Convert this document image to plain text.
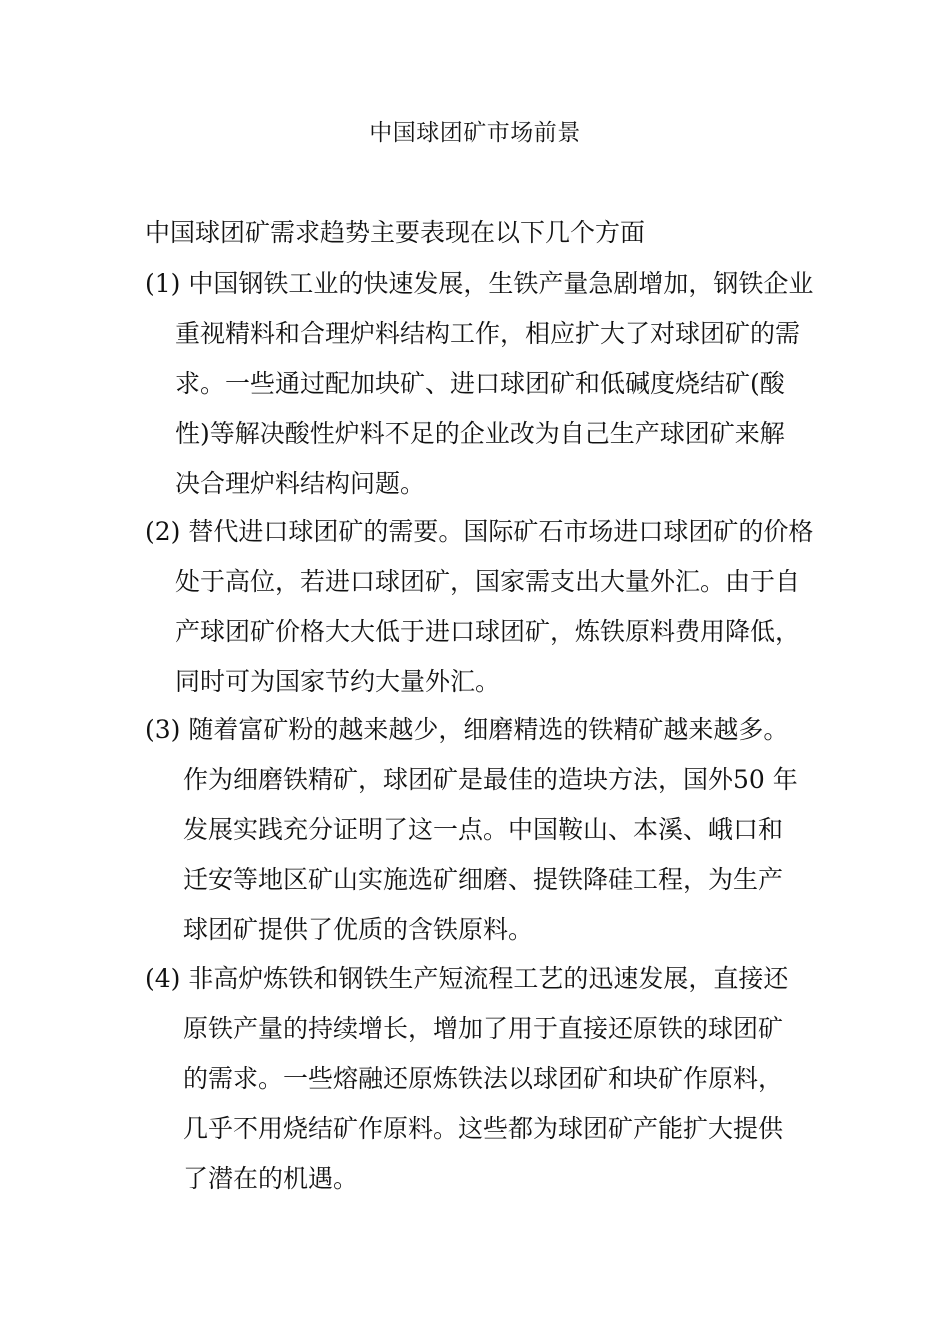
中国球团矿市场前景
中国球团矿需求趋势主要表现在以下几个方面
(1) 中国钢铁工业的快速发展，生铁产量急剧增加，钢铁企业
重视精料和合理炉料结构工作，相应扩大了对球团矿的需
求。一些通过配加块矿、进口球团矿和低碱度烧结矿(酸
性)等解决酸性炉料不足的企业改为自己生产球团矿来解
决合理炉料结构问题。
(2) 替代进口球团矿的需要。国际矿石市场进口球团矿的价格
处于高位，若进口球团矿，国家需支出大量外汇。由于自
产球团矿价格大大低于进口球团矿，炼铁原料费用降低，
同时可为国家节约大量外汇。
(3) 随着富矿粉的越来越少，细磨精选的铁精矿越来越多。
作为细磨铁精矿，球团矿是最佳的造块方法，国外50 年
发展实践充分证明了这一点。中国鞍山、本溪、峨口和
迁安等地区矿山实施选矿细磨、提铁降硅工程，为生产
球团矿提供了优质的含铁原料。
(4) 非高炉炼铁和钢铁生产短流程工艺的迅速发展，直接还
原铁产量的持续增长，增加了用于直接还原铁的球团矿
的需求。一些熔融还原炼铁法以球团矿和块矿作原料，
几乎不用烧结矿作原料。这些都为球团矿产能扩大提供
了潜在的机遇。
